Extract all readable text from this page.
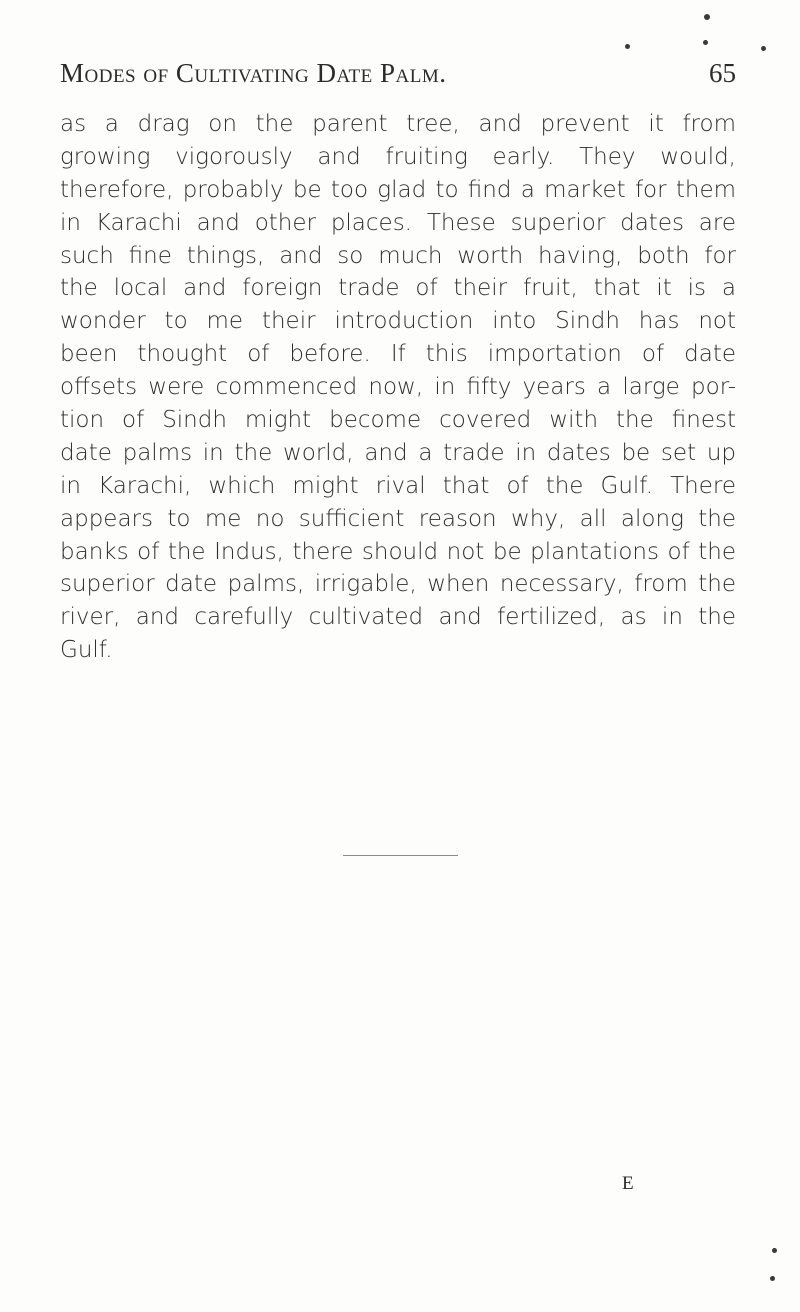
Modes of Cultivating Date Palm.	65
as a drag on the parent tree, and prevent it from
growing vigorously and fruiting early. They would,
therefore, probably be too glad to find a market for them
in Karachi and other places. These superior dates are
such fine things, and so much worth having, both for
the local and foreign trade of their fruit, that it is a
wonder to me their introduction into Sindh has not
been thought of before. If this importation of date
offsets were commenced now, in fifty years a large por-
tion of Sindh might become covered with the finest
date palms in the world, and a trade in dates be set up
in Karachi, which might rival that of the Gulf. There
appears to me no sufficient reason why, all along the
banks of the Indus, there should not be plantations of the
superior date palms, irrigable, when necessary, from the
river, and carefully cultivated and fertilized, as in the
Gulf.
E
